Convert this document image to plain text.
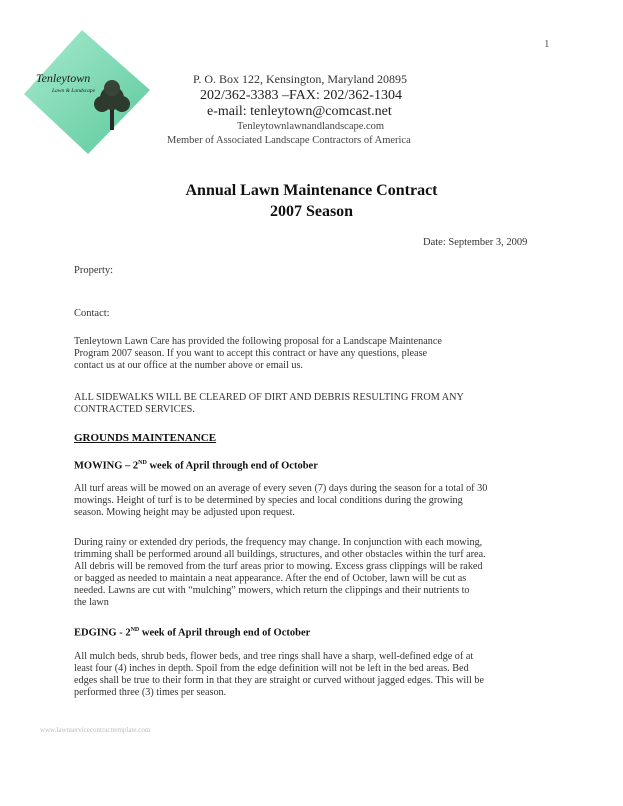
1
Tenleytown
Lawn & Landscape
P. O. Box 122, Kensington, Maryland 20895
202/362-3383 –FAX: 202/362-1304
e-mail: tenleytown@comcast.net
Tenleytownlawnandlandscape.com
Member of Associated Landscape Contractors of America
Annual Lawn Maintenance Contract
2007 Season
Date: September 3, 2009
Property:
Contact:
Tenleytown Lawn Care has provided the following proposal for a Landscape Maintenance
Program 2007 season. If you want to accept this contract or have any questions, please
contact us at our office at the number above or email us.
ALL SIDEWALKS WILL BE CLEARED OF DIRT AND DEBRIS RESULTING FROM ANY
CONTRACTED SERVICES.
GROUNDS MAINTENANCE
MOWING – 2ND week of April through end of October
All turf areas will be mowed on an average of every seven (7) days during the season for a total of 30
mowings. Height of turf is to be determined by species and local conditions during the growing
season. Mowing height may be adjusted upon request.
During rainy or extended dry periods, the frequency may change. In conjunction with each mowing,
trimming shall be performed around all buildings, structures, and other obstacles within the turf area.
All debris will be removed from the turf areas prior to mowing. Excess grass clippings will be raked
or bagged as needed to maintain a neat appearance. After the end of October, lawn will be cut as
needed. Lawns are cut with “mulching” mowers, which return the clippings and their nutrients to
the lawn
EDGING - 2ND week of April through end of October
All mulch beds, shrub beds, flower beds, and tree rings shall have a sharp, well-defined edge of at
least four (4) inches in depth. Spoil from the edge definition will not be left in the bed areas. Bed
edges shall be true to their form in that they are straight or curved without jagged edges. This will be
performed three (3) times per season.
www.lawnservicecontracttemplate.com
